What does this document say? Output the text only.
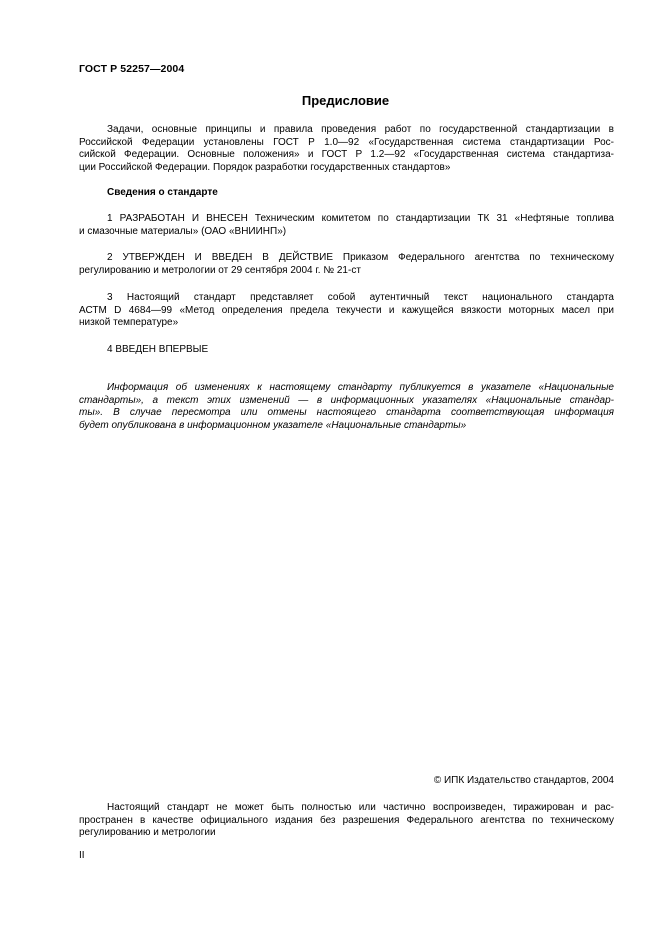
ГОСТ Р 52257—2004
Предисловие
Задачи, основные принципы и правила проведения работ по государственной стандартизации в
Российской Федерации установлены ГОСТ Р 1.0—92 «Государственная система стандартизации Рос-
сийской Федерации. Основные положения» и ГОСТ Р 1.2—92 «Государственная система стандартиза-
ции Российской Федерации. Порядок разработки государственных стандартов»
Сведения о стандарте
1 РАЗРАБОТАН И ВНЕСЕН Техническим комитетом по стандартизации ТК 31 «Нефтяные топлива
и смазочные материалы» (ОАО «ВНИИНП»)
2 УТВЕРЖДЕН И ВВЕДЕН В ДЕЙСТВИЕ Приказом Федерального агентства по техническому
регулированию и метрологии от 29 сентября 2004 г. № 21-ст
3 Настоящий стандарт представляет собой аутентичный текст национального стандарта
АСТМ D 4684—99 «Метод определения предела текучести и кажущейся вязкости моторных масел при
низкой температуре»
4 ВВЕДЕН ВПЕРВЫЕ
Информация об изменениях к настоящему стандарту публикуется в указателе «Национальные
стандарты», а текст этих изменений — в информационных указателях «Национальные стандар-
ты». В случае пересмотра или отмены настоящего стандарта соответствующая информация
будет опубликована в информационном указателе «Национальные стандарты»
© ИПК Издательство стандартов, 2004
Настоящий стандарт не может быть полностью или частично воспроизведен, тиражирован и рас-
пространен в качестве официального издания без разрешения Федерального агентства по техническому
регулированию и метрологии
II
